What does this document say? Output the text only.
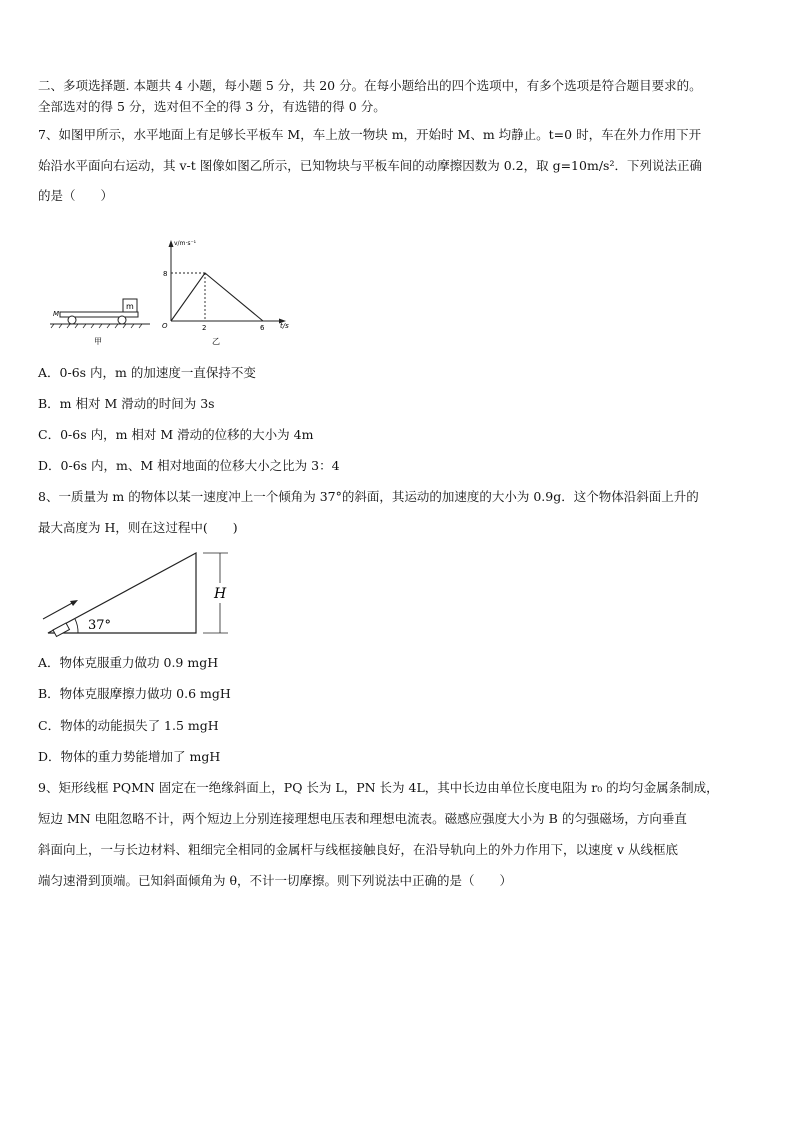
二、多项选择题. 本题共 4 小题，每小题 5 分，共 20 分。在每小题给出的四个选项中，有多个选项是符合题目要求的。
全部选对的得 5 分，选对但不全的得 3 分，有选错的得 0 分。
7、如图甲所示，水平地面上有足够长平板车 M，车上放一物块 m，开始时 M、m 均静止。t=0 时，车在外力作用下开
始沿水平面向右运动，其 v-t 图像如图乙所示，已知物块与平板车间的动摩擦因数为 0.2，取 g=10m/s²．下列说法正确
的是（　　）
m
M
甲
v/m·s⁻¹
t/s
O
8
2	6
乙
A．0-6s 内，m 的加速度一直保持不变
B．m 相对 M 滑动的时间为 3s
C．0-6s 内，m 相对 M 滑动的位移的大小为 4m
D．0-6s 内，m、M 相对地面的位移大小之比为 3：4
8、一质量为 m 的物体以某一速度冲上一个倾角为 37°的斜面，其运动的加速度的大小为 0.9g．这个物体沿斜面上升的
最大高度为 H，则在这过程中(　　)
H
37°
A．物体克服重力做功 0.9 mgH
B．物体克服摩擦力做功 0.6 mgH
C．物体的动能损失了 1.5 mgH
D．物体的重力势能增加了 mgH
9、矩形线框 PQMN 固定在一绝缘斜面上，PQ 长为 L，PN 长为 4L，其中长边由单位长度电阻为 r₀ 的均匀金属条制成，
短边 MN 电阻忽略不计，两个短边上分别连接理想电压表和理想电流表。磁感应强度大小为 B 的匀强磁场，方向垂直
斜面向上，一与长边材料、粗细完全相同的金属杆与线框接触良好，在沿导轨向上的外力作用下，以速度 v 从线框底
端匀速滑到顶端。已知斜面倾角为 θ，不计一切摩擦。则下列说法中正确的是（　　）
